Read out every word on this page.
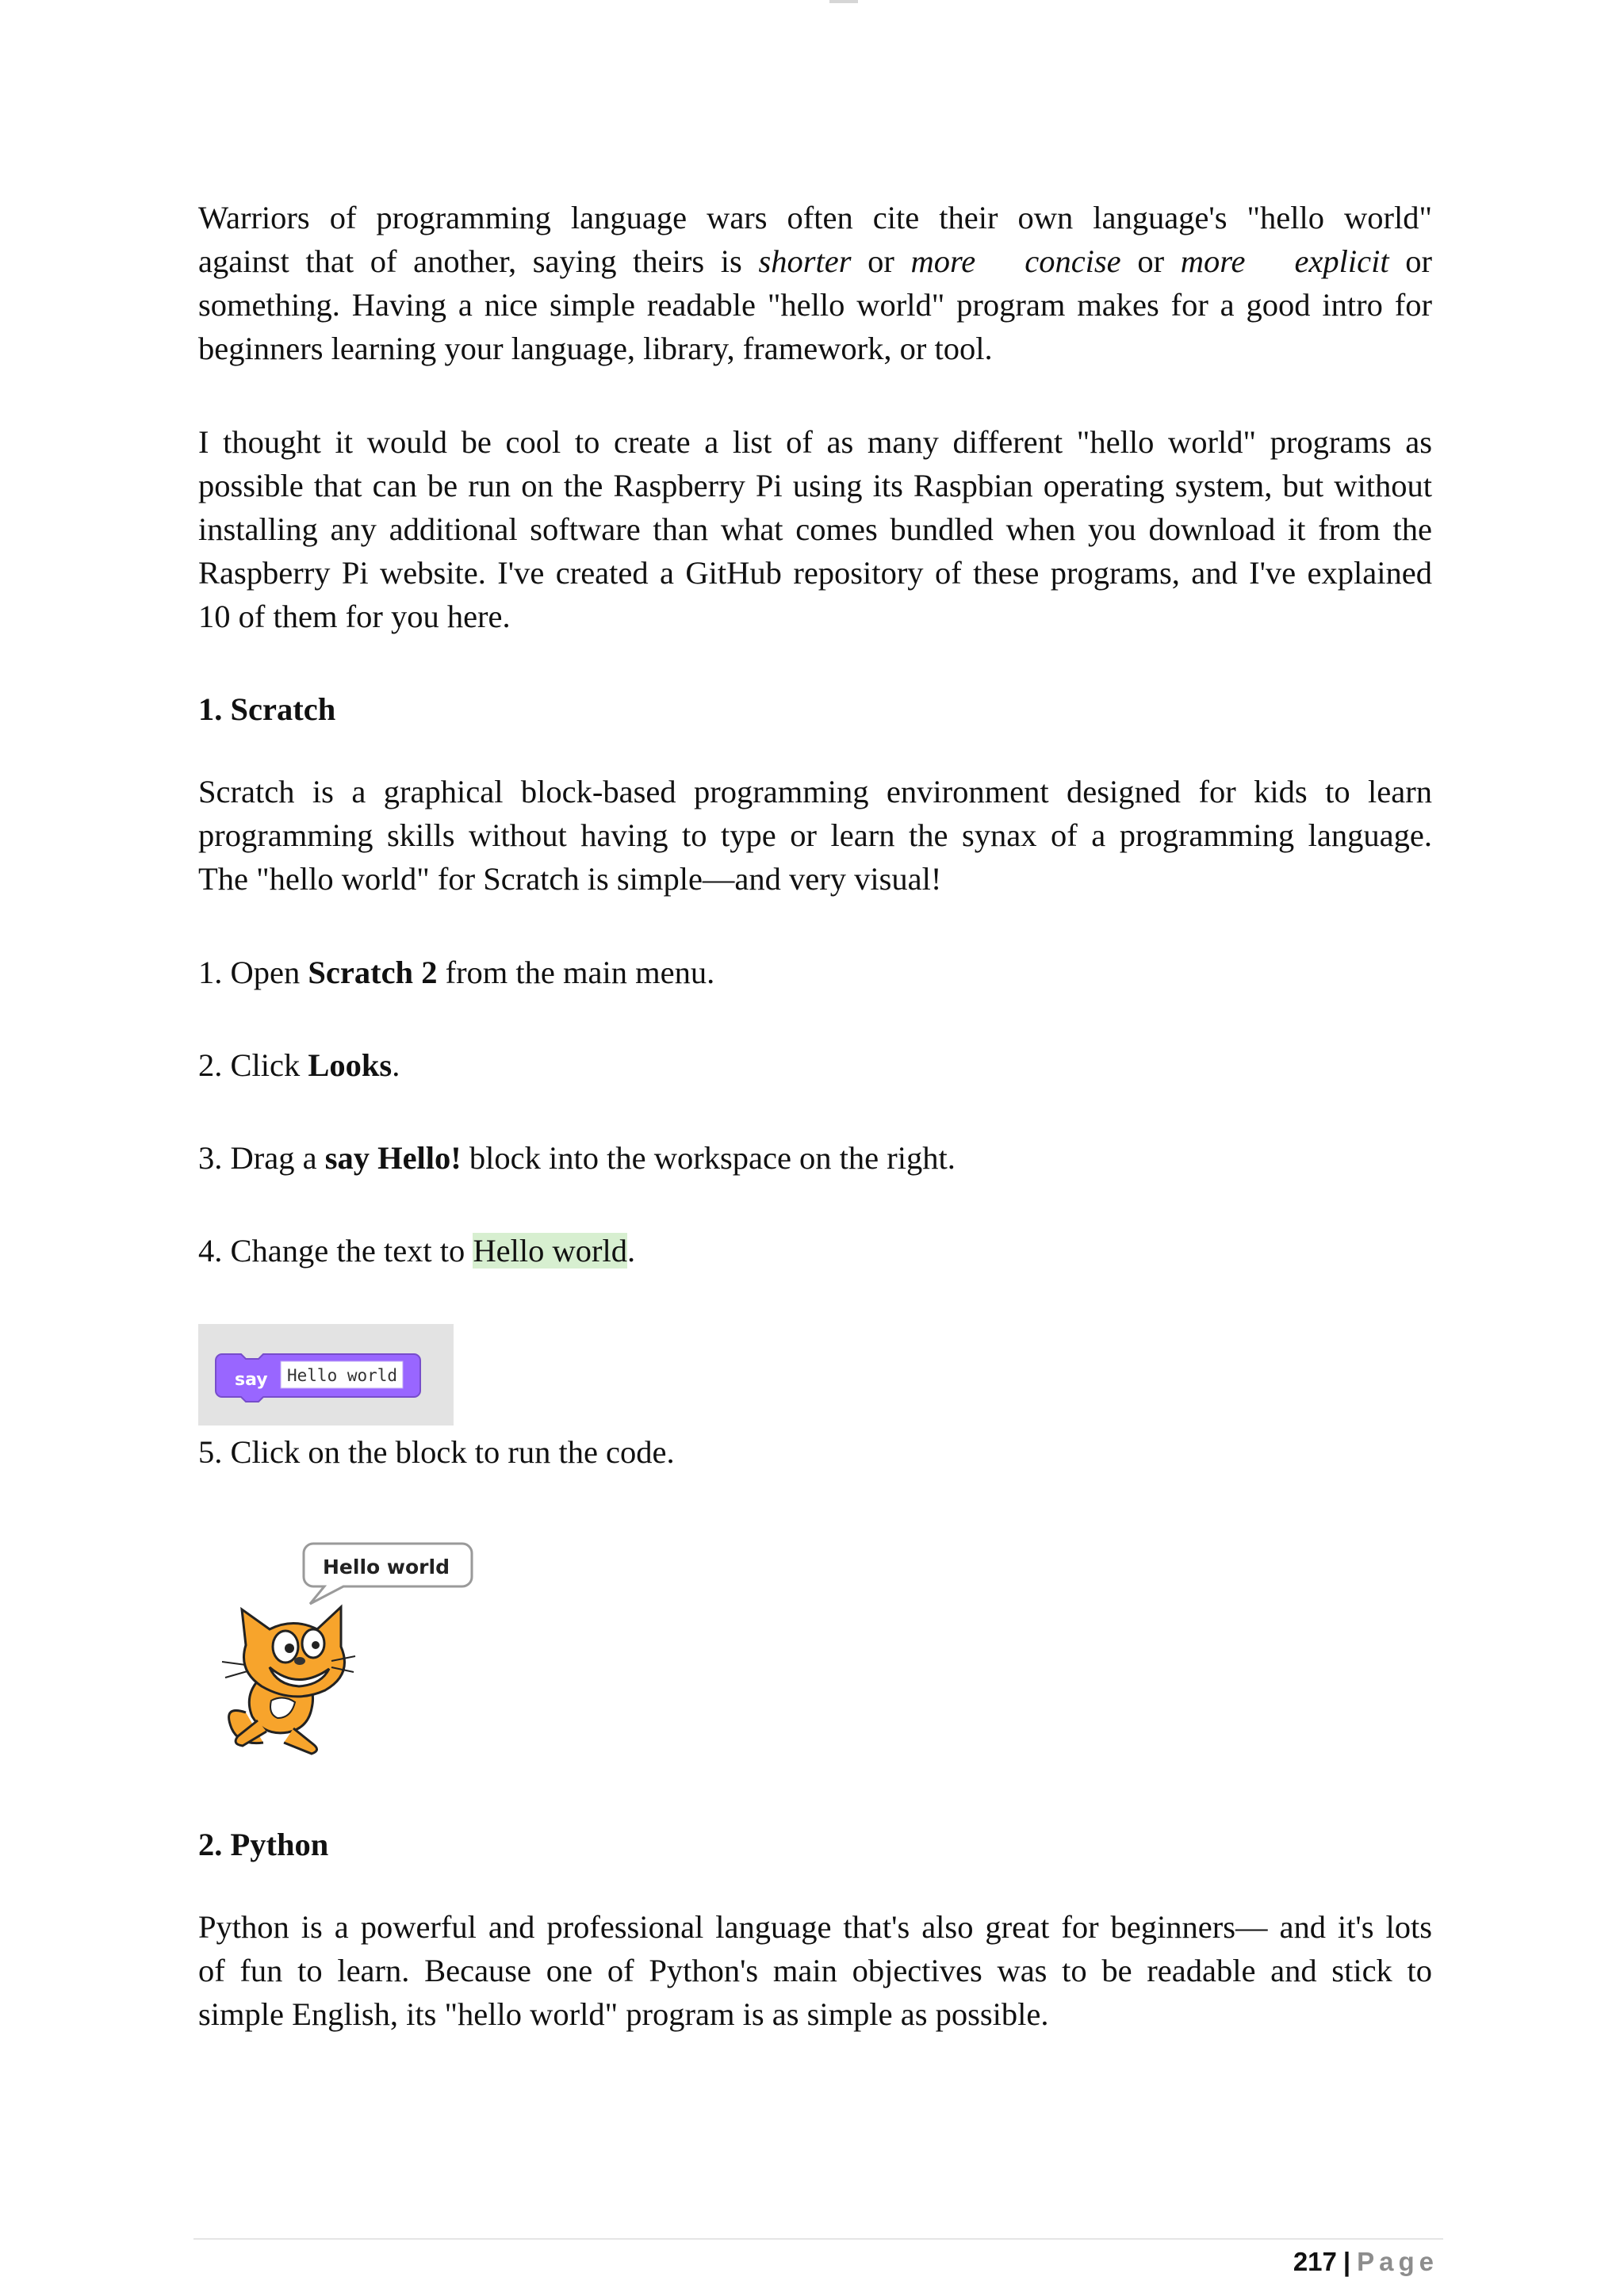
Warriors of programming language wars often cite their own language's "hello world"
against that of another, saying theirs is shorter or more concise or more explicit or
something. Having a nice simple readable "hello world" program makes for a good intro for
beginners learning your language, library, framework, or tool.
I thought it would be cool to create a list of as many different "hello world" programs as
possible that can be run on the Raspberry Pi using its Raspbian operating system, but without
installing any additional software than what comes bundled when you download it from the
Raspberry Pi website. I've created a GitHub repository of these programs, and I've explained
10 of them for you here.
1. Scratch
Scratch is a graphical block-based programming environment designed for kids to learn
programming skills without having to type or learn the synax of a programming language.
The "hello world" for Scratch is simple—and very visual!
1. Open Scratch 2 from the main menu.
2. Click Looks.
3. Drag a say Hello! block into the workspace on the right.
4. Change the text to Hello world.
say Hello world
5. Click on the block to run the code.
Hello world
2. Python
Python is a powerful and professional language that's also great for beginners— and it's lots
of fun to learn. Because one of Python's main objectives was to be readable and stick to
simple English, its "hello world" program is as simple as possible.
217 | Page
